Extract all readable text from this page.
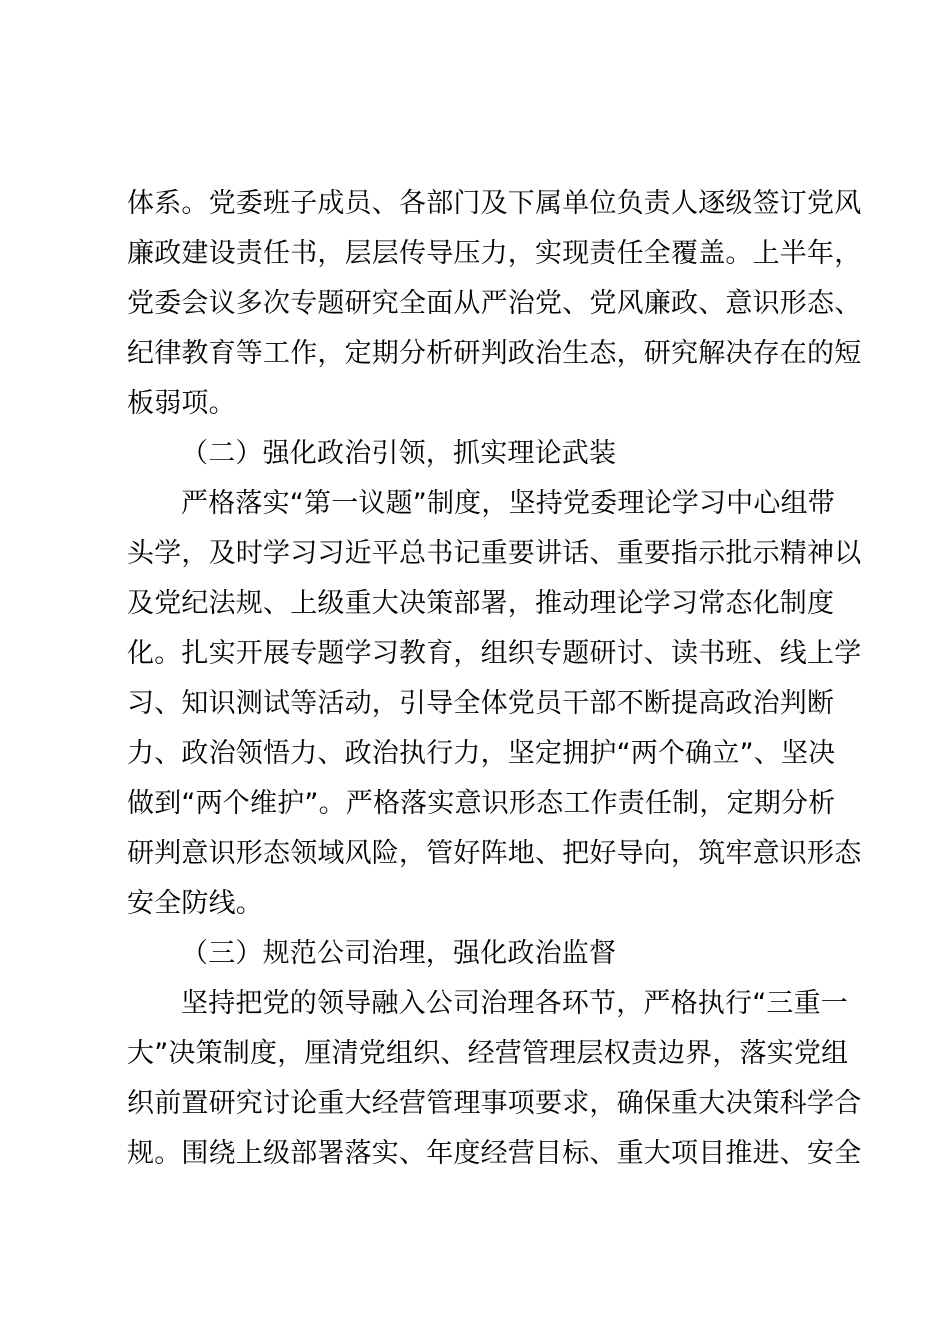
体系。党委班子成员、各部门及下属单位负责人逐级签订党风
廉政建设责任书，层层传导压力，实现责任全覆盖。上半年，
党委会议多次专题研究全面从严治党、党风廉政、意识形态、
纪律教育等工作，定期分析研判政治生态，研究解决存在的短
板弱项。
（二）强化政治引领，抓实理论武装
严格落实“第一议题”制度，坚持党委理论学习中心组带
头学，及时学习习近平总书记重要讲话、重要指示批示精神以
及党纪法规、上级重大决策部署，推动理论学习常态化制度
化。扎实开展专题学习教育，组织专题研讨、读书班、线上学
习、知识测试等活动，引导全体党员干部不断提高政治判断
力、政治领悟力、政治执行力，坚定拥护“两个确立”、坚决
做到“两个维护”。严格落实意识形态工作责任制，定期分析
研判意识形态领域风险，管好阵地、把好导向，筑牢意识形态
安全防线。
（三）规范公司治理，强化政治监督
坚持把党的领导融入公司治理各环节，严格执行“三重一
大”决策制度，厘清党组织、经营管理层权责边界，落实党组
织前置研究讨论重大经营管理事项要求，确保重大决策科学合
规。围绕上级部署落实、年度经营目标、重大项目推进、安全
